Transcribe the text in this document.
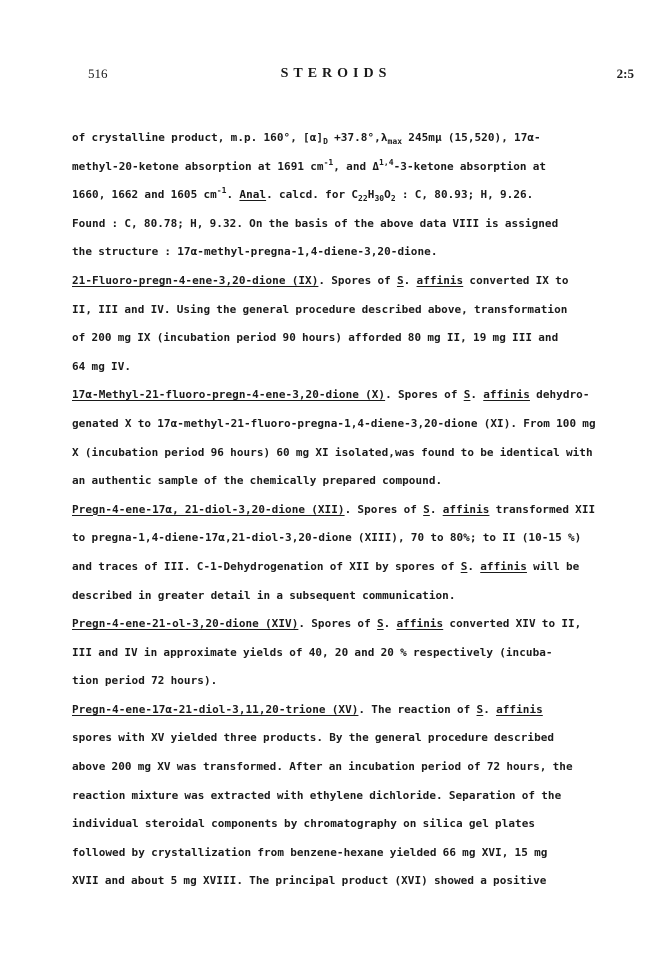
516	STEROIDS	2:5
of crystalline product, m.p. 160°, $[\alpha]_D +37.8^\circ,\lambda_{max}$ 245mμ (15,520), 17α-
methyl-20-ketone absorption at 1691 $cm^{-1}$, and Δ$^{1,4}$-3-ketone absorption at
1660, 1662 and 1605 $cm^{-1}$. Anal. calcd. for $C_{22}H_{30}O_2$ : C, 80.93; H, 9.26.
Found : C, 80.78; H, 9.32. On the basis of the above data VIII is assigned
the structure : 17α-methyl-pregna-1,4-diene-3,20-dione.
21-Fluoro-pregn-4-ene-3,20-dione (IX). Spores of S. affinis converted IX to
II, III and IV. Using the general procedure described above, transformation
of 200 mg IX (incubation period 90 hours) afforded 80 mg II, 19 mg III and
64 mg IV.
17α-Methyl-21-fluoro-pregn-4-ene-3,20-dione (X). Spores of S. affinis dehydro-
genated X to 17α-methyl-21-fluoro-pregna-1,4-diene-3,20-dione (XI). From 100 mg
X (incubation period 96 hours) 60 mg XI isolated,was found to be identical with
an authentic sample of the chemically prepared compound.
Pregn-4-ene-17α, 21-diol-3,20-dione (XII). Spores of S. affinis transformed XII
to pregna-1,4-diene-17α,21-diol-3,20-dione (XIII), 70 to 80%; to II (10-15 %)
and traces of III. C-1-Dehydrogenation of XII by spores of S. affinis will be
described in greater detail in a subsequent communication.
Pregn-4-ene-21-ol-3,20-dione (XIV). Spores of S. affinis converted XIV to II,
III and IV in approximate yields of 40, 20 and 20 % respectively (incuba-
tion period 72 hours).
Pregn-4-ene-17α-21-diol-3,11,20-trione (XV). The reaction of S. affinis
spores with XV yielded three products. By the general procedure described
above 200 mg XV was transformed. After an incubation period of 72 hours, the
reaction mixture was extracted with ethylene dichloride. Separation of the
individual steroidal components by chromatography on silica gel plates
followed by crystallization from benzene-hexane yielded 66 mg XVI, 15 mg
XVII and about 5 mg XVIII. The principal product (XVI) showed a positive
